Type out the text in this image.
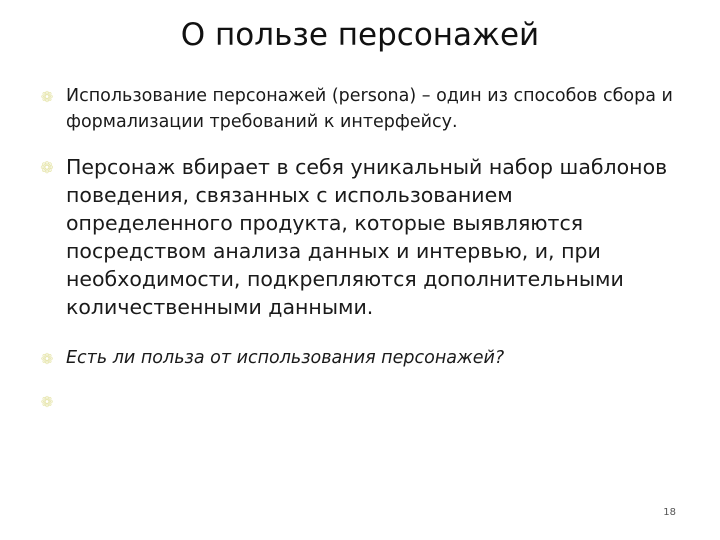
О пользе персонажей
❁ Использование персонажей (persona) – один из способов сбора и формализации требований к интерфейсу.
❁ Персонаж вбирает в себя уникальный набор шаблонов поведения, связанных с использованием определенного продукта, которые выявляются посредством анализа данных и интервью, и, при необходимости, подкрепляются дополнительными количественными данными.
❁ Есть ли польза от использования персонажей?
❁
18
